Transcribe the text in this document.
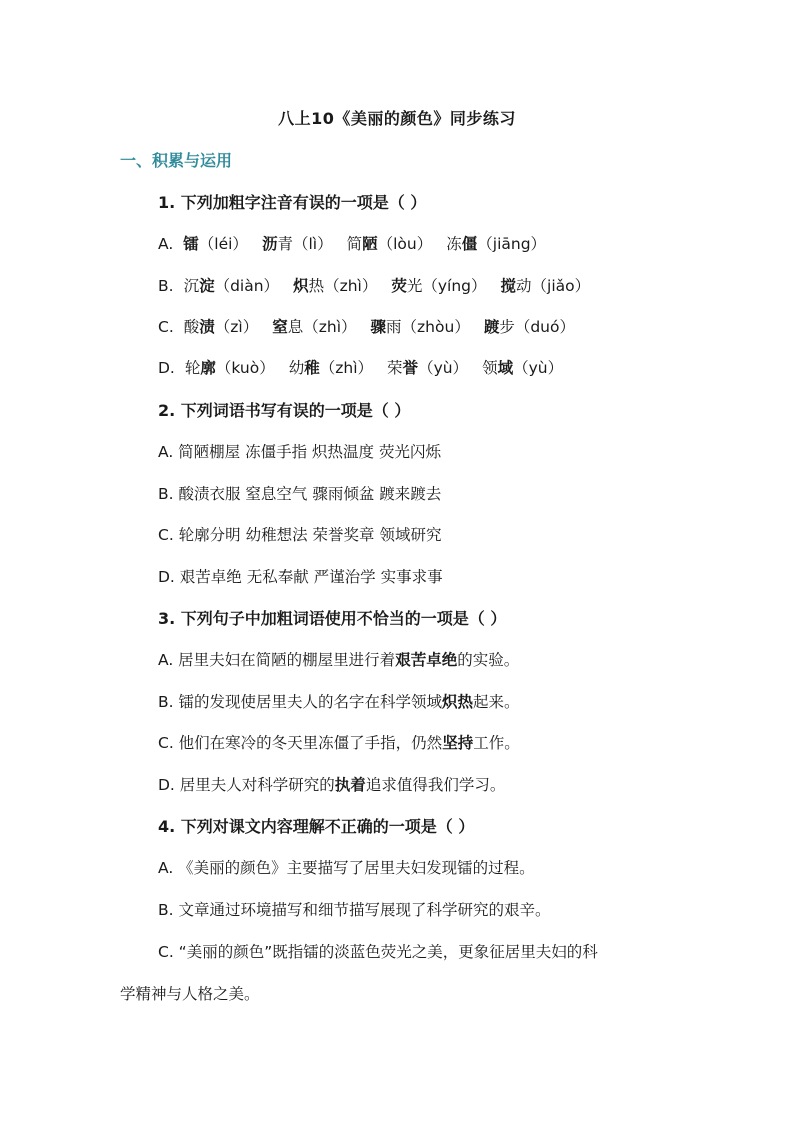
八上10《美丽的颜色》同步练习
一、积累与运用
1. 下列加粗字注音有误的一项是（ ）
A. 镭（léi） 沥青（lì） 简陋（lòu） 冻僵（jiāng）
B. 沉淀（diàn） 炽热（zhì） 荧光（yíng） 搅动（jiǎo）
C. 酸渍（zì） 窒息（zhì） 骤雨（zhòu） 踱步（duó）
D. 轮廓（kuò） 幼稚（zhì） 荣誉（yù） 领域（yù）
2. 下列词语书写有误的一项是（ ）
A. 简陋棚屋 冻僵手指 炽热温度 荧光闪烁
B. 酸渍衣服 窒息空气 骤雨倾盆 踱来踱去
C. 轮廓分明 幼稚想法 荣誉奖章 领域研究
D. 艰苦卓绝 无私奉献 严谨治学 实事求事
3. 下列句子中加粗词语使用不恰当的一项是（ ）
A. 居里夫妇在简陋的棚屋里进行着艰苦卓绝的实验。
B. 镭的发现使居里夫人的名字在科学领域炽热起来。
C. 他们在寒冷的冬天里冻僵了手指，仍然坚持工作。
D. 居里夫人对科学研究的执着追求值得我们学习。
4. 下列对课文内容理解不正确的一项是（ ）
A. 《美丽的颜色》主要描写了居里夫妇发现镭的过程。
B. 文章通过环境描写和细节描写展现了科学研究的艰辛。
C. “美丽的颜色”既指镭的淡蓝色荧光之美，更象征居里夫妇的科
学精神与人格之美。
